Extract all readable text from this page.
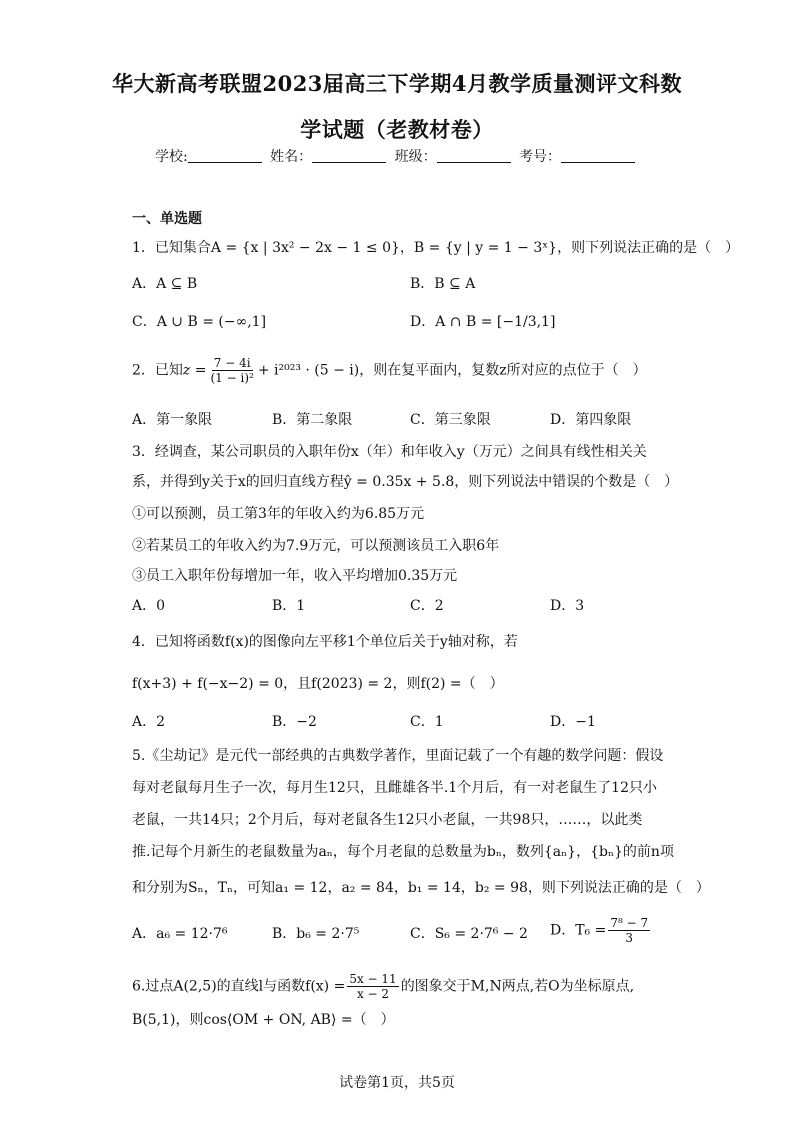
华大新高考联盟2023届高三下学期4月教学质量测评文科数
学试题（老教材卷）
学校:	姓名：	班级：	考号：
一、单选题
1．已知集合A = {x | 3x² − 2x − 1 ≤ 0}，B = {y | y = 1 − 3ˣ}，则下列说法正确的是（　）
A．A ⊆ B	B．B ⊆ A
C．A ∪ B = (−∞,1]	D．A ∩ B = [−1/3,1]
2．已知$z = \frac{7 - 4i}{\text{(1 − i)²}} + i^{2023} \cdot (5 - i)$，则在复平面内，复数z所对应的点位于（　）
A．第一象限	B．第二象限	C．第三象限	D．第四象限
3．经调查，某公司职员的入职年份x（年）和年收入y（万元）之间具有线性相关关
系，并得到y关于x的回归直线方程ŷ = 0.35x + 5.8，则下列说法中错误的个数是（　）
①可以预测，员工第3年的年收入约为6.85万元
②若某员工的年收入约为7.9万元，可以预测该员工入职6年
③员工入职年份每增加一年，收入平均增加0.35万元
A．0	B．1	C．2	D．3
4．已知将函数f(x)的图像向左平移1个单位后关于y轴对称，若
f(x+3) + f(−x−2) = 0，且f(2023) = 2，则f(2) =（　）
A．2	B．−2	C．1	D．−1
5.《尘劫记》是元代一部经典的古典数学著作，里面记载了一个有趣的数学问题：假设
每对老鼠每月生子一次，每月生12只，且雌雄各半.1个月后，有一对老鼠生了12只小
老鼠，一共14只；2个月后，每对老鼠各生12只小老鼠，一共98只，……，以此类
推.记每个月新生的老鼠数量为aₙ，每个月老鼠的总数量为bₙ，数列{aₙ}，{bₙ}的前n项
和分别为Sₙ，Tₙ，可知a₁ = 12，a₂ = 84，b₁ = 14，b₂ = 98，则下列说法正确的是（　）
A．a₆ = 12·7⁶	B．b₆ = 2·7⁵	C．S₆ = 2·7⁶ − 2 D．$T_6 = \frac{\text{7⁸ − 7}}{3}$
6.过点A(2,5)的直线l与函数$f(x) = \frac{5x - 11}{x - 2}$ 的图象交于M,N两点,若O为坐标原点,
B(5,1)，则cos⟨OM + ON, AB⟩ =（　）
试卷第1页，共5页
